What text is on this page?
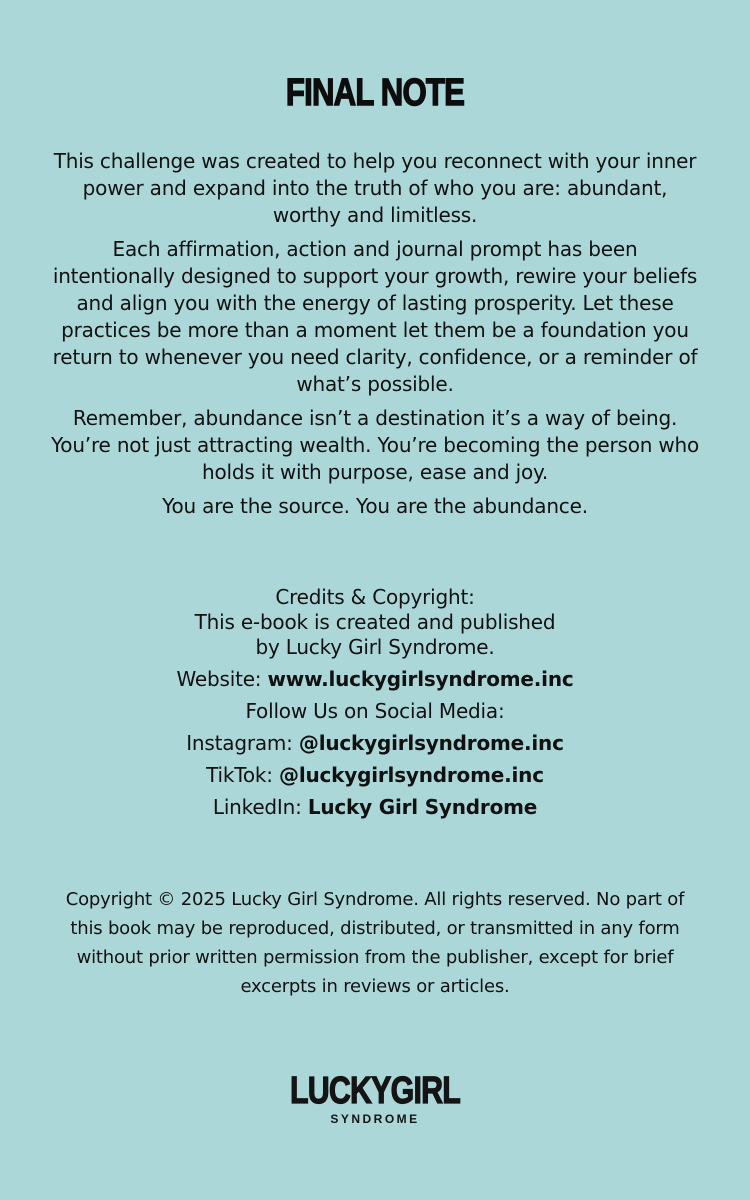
FINAL NOTE

This challenge was created to help you reconnect with your inner power and expand into the truth of who you are: abundant, worthy and limitless.

Each affirmation, action and journal prompt has been intentionally designed to support your growth, rewire your beliefs and align you with the energy of lasting prosperity. Let these practices be more than a moment let them be a foundation you return to whenever you need clarity, confidence, or a reminder of what’s possible.

Remember, abundance isn’t a destination it’s a way of being. You’re not just attracting wealth. You’re becoming the person who holds it with purpose, ease and joy.

You are the source. You are the abundance.

Credits & Copyright:
This e-book is created and published
by Lucky Girl Syndrome.
Website: www.luckygirlsyndrome.inc
Follow Us on Social Media:
Instagram: @luckygirlsyndrome.inc
TikTok: @luckygirlsyndrome.inc
LinkedIn: Lucky Girl Syndrome
Copyright © 2025 Lucky Girl Syndrome. All rights reserved. No part of this book may be reproduced, distributed, or transmitted in any form without prior written permission from the publisher, except for brief excerpts in reviews or articles.
LUCKYGIRL
SYNDROME
